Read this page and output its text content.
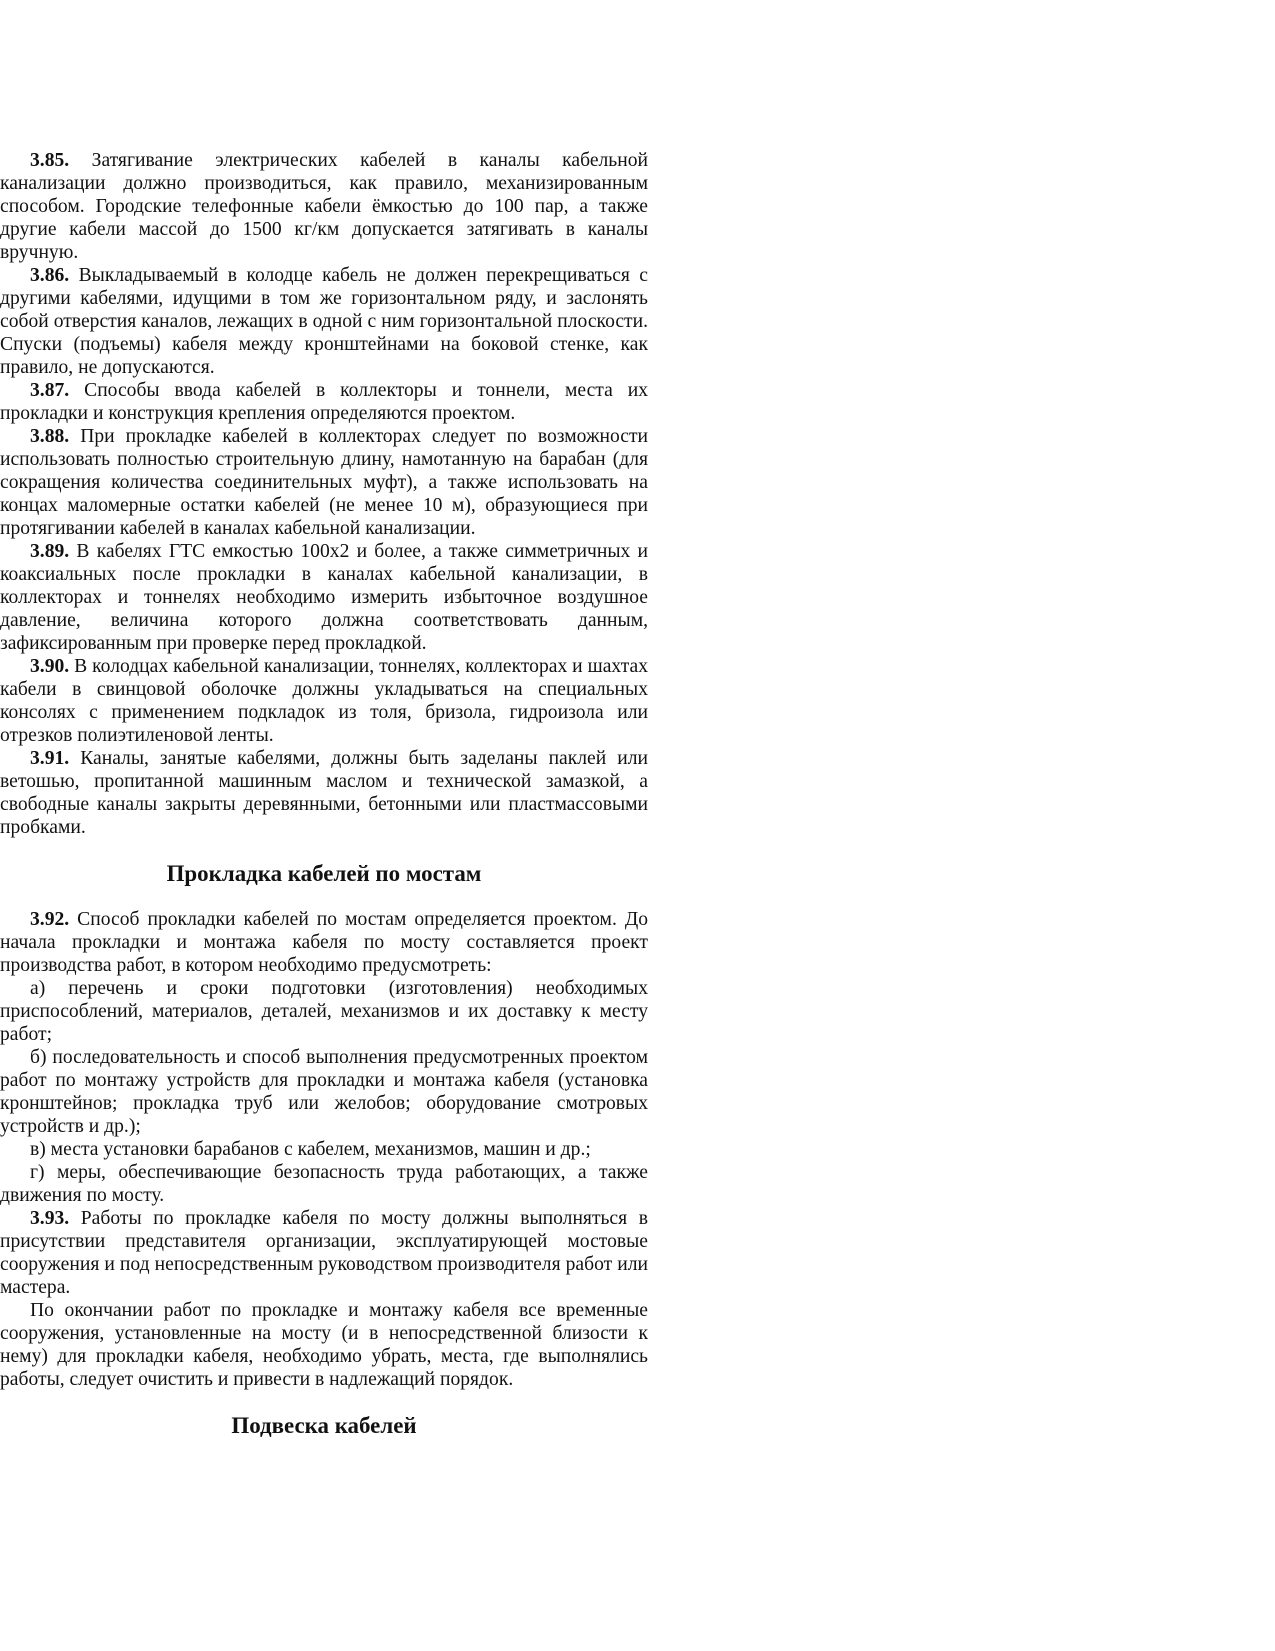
3.85. Затягивание электрических кабелей в каналы кабельной канализации должно производиться, как правило, механизированным способом. Городские телефонные кабели ёмкостью до 100 пар, а также другие кабели массой до 1500 кг/км допускается затягивать в каналы вручную.

3.86. Выкладываемый в колодце кабель не должен перекрещиваться с другими кабелями, идущими в том же горизонтальном ряду, и заслонять собой отверстия каналов, лежащих в одной с ним горизонтальной плоскости. Спуски (подъемы) кабеля между кронштейнами на боковой стенке, как правило, не допускаются.

3.87. Способы ввода кабелей в коллекторы и тоннели, места их прокладки и конструкция крепления определяются проектом.

3.88. При прокладке кабелей в коллекторах следует по возможности использовать полностью строительную длину, намотанную на барабан (для сокращения количества соединительных муфт), а также использовать на концах маломерные остатки кабелей (не менее 10 м), образующиеся при протягивании кабелей в каналах кабельной канализации.

3.89. В кабелях ГТС емкостью 100x2 и более, а также симметричных и коаксиальных после прокладки в каналах кабельной канализации, в коллекторах и тоннелях необходимо измерить избыточное воздушное давление, величина которого должна соответствовать данным, зафиксированным при проверке перед прокладкой.

3.90. В колодцах кабельной канализации, тоннелях, коллекторах и шахтах кабели в свинцовой оболочке должны укладываться на специальных консолях с применением подкладок из толя, бризола, гидроизола или отрезков полиэтиленовой ленты.

3.91. Каналы, занятые кабелями, должны быть заделаны паклей или ветошью, пропитанной машинным маслом и технической замазкой, а свободные каналы закрыты деревянными, бетонными или пластмассовыми пробками.

Прокладка кабелей по мостам

3.92. Способ прокладки кабелей по мостам определяется проектом. До начала прокладки и монтажа кабеля по мосту составляется проект производства работ, в котором необходимо предусмотреть:

а) перечень и сроки подготовки (изготовления) необходимых приспособлений, материалов, деталей, механизмов и их доставку к месту работ;

б) последовательность и способ выполнения предусмотренных проектом работ по монтажу устройств для прокладки и монтажа кабеля (установка кронштейнов; прокладка труб или желобов; оборудование смотровых устройств и др.);

в) места установки барабанов с кабелем, механизмов, машин и др.;

г) меры, обеспечивающие безопасность труда работающих, а также движения по мосту.

3.93. Работы по прокладке кабеля по мосту должны выполняться в присутствии представителя организации, эксплуатирующей мостовые сооружения и под непосредственным руководством производителя работ или мастера.

По окончании работ по прокладке и монтажу кабеля все временные сооружения, установленные на мосту (и в непосредственной близости к нему) для прокладки кабеля, необходимо убрать, места, где выполнялись работы, следует очистить и привести в надлежащий порядок.

Подвеска кабелей
